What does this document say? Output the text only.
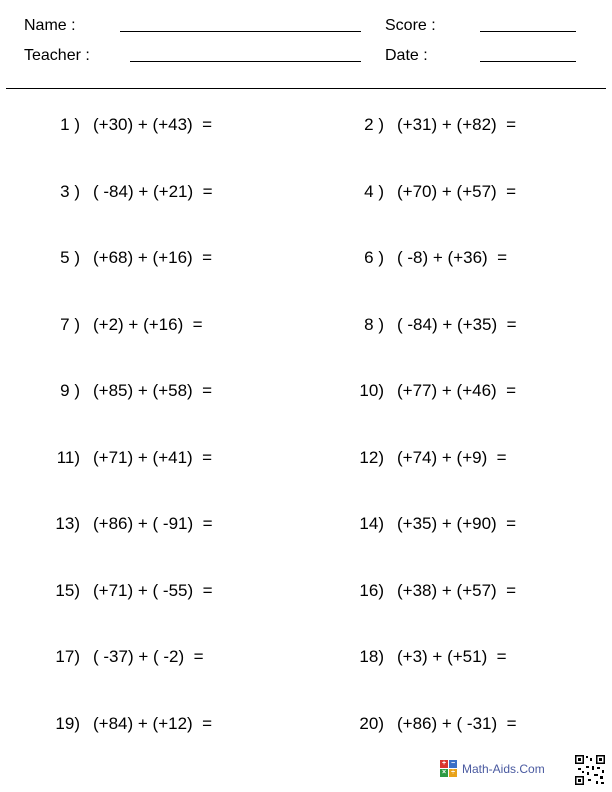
Name :
Teacher :
Score :
Date :
1 ) (+30) + (+43)  =	2 ) (+31) + (+82)  =
3 ) ( -84) + (+21)  =	4 ) (+70) + (+57)  =
5 ) (+68) + (+16)  =	6 ) ( -8) + (+36)  =
7 ) (+2) + (+16)  =	8 ) ( -84) + (+35)  =
9 ) (+85) + (+58)  =	10) (+77) + (+46)  =
11) (+71) + (+41)  =	12) (+74) + (+9)  =
13) (+86) + ( -91)  =	14) (+35) + (+90)  =
15) (+71) + ( -55)  =	16) (+38) + (+57)  =
17) ( -37) + ( -2)  =	18) (+3) + (+51)  =
19) (+84) + (+12)  =	20) (+86) + ( -31)  =
+ −
× ÷ Math-Aids.Com
